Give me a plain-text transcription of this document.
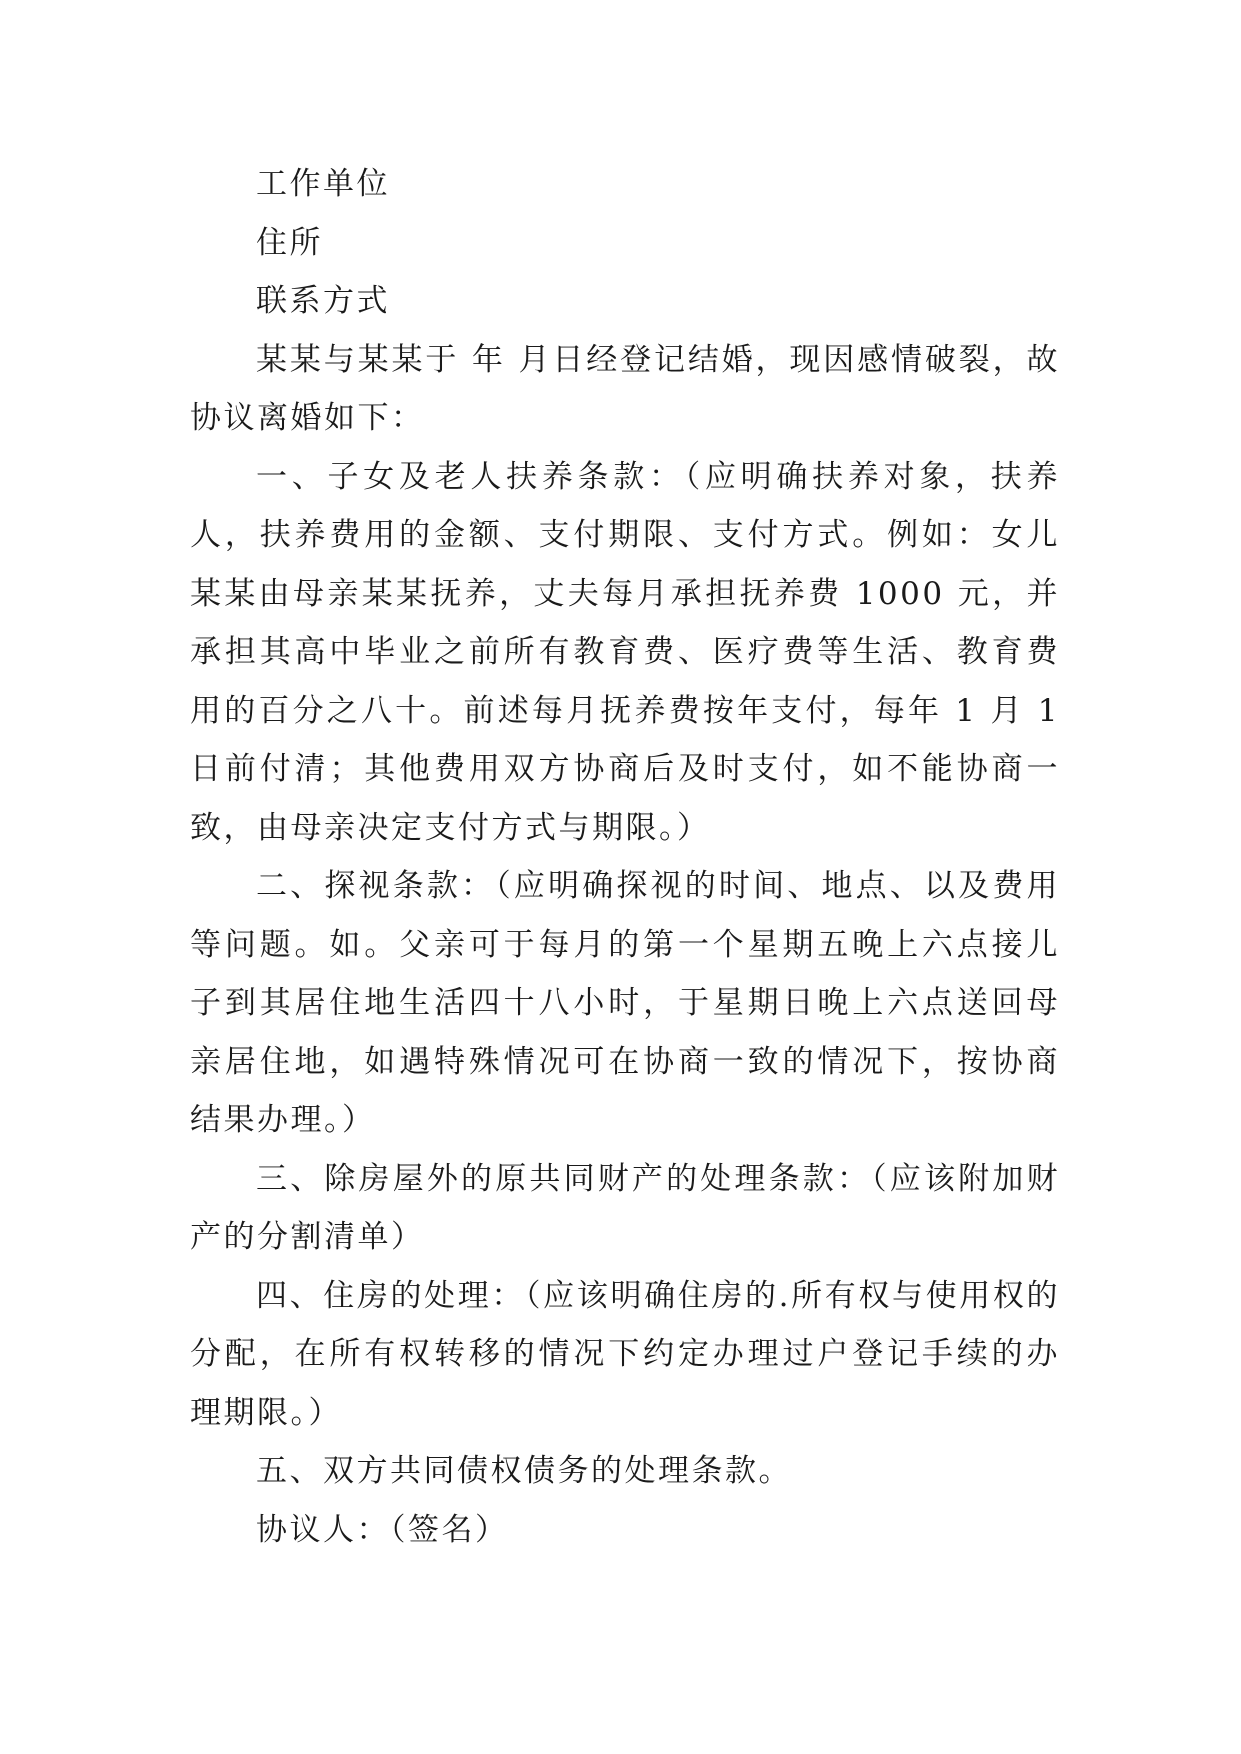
工作单位

住所

联系方式

某某与某某于 年 月日经登记结婚，现因感情破裂，故协议离婚如下：

一、子女及老人扶养条款：（应明确扶养对象，扶养人，扶养费用的金额、支付期限、支付方式。例如：女儿某某由母亲某某抚养，丈夫每月承担抚养费 1000 元，并承担其高中毕业之前所有教育费、医疗费等生活、教育费用的百分之八十。前述每月抚养费按年支付，每年 1 月 1 日前付清；其他费用双方协商后及时支付，如不能协商一致，由母亲决定支付方式与期限。）

二、探视条款：（应明确探视的时间、地点、以及费用等问题。如。父亲可于每月的第一个星期五晚上六点接儿子到其居住地生活四十八小时，于星期日晚上六点送回母亲居住地，如遇特殊情况可在协商一致的情况下，按协商结果办理。）

三、除房屋外的原共同财产的处理条款：（应该附加财产的分割清单）

四、住房的处理：（应该明确住房的.所有权与使用权的分配，在所有权转移的情况下约定办理过户登记手续的办理期限。）

五、双方共同债权债务的处理条款。

协议人：（签名）
